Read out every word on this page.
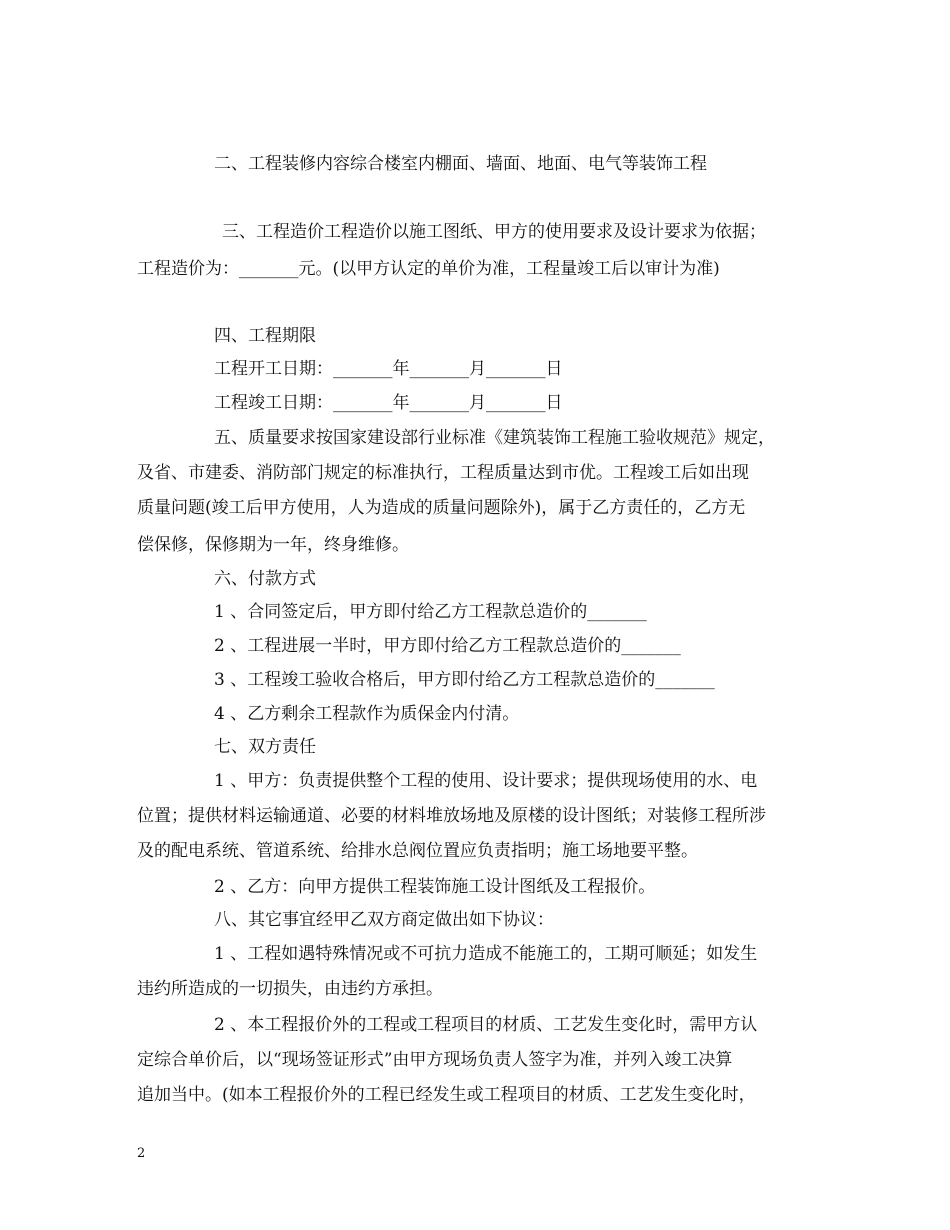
二、工程装修内容综合楼室内棚面、墙面、地面、电气等装饰工程
三、工程造价工程造价以施工图纸、甲方的使用要求及设计要求为依据；
工程造价为：_______元。(以甲方认定的单价为准，工程量竣工后以审计为准)
四、工程期限
工程开工日期：_______年_______月_______日
工程竣工日期：_______年_______月_______日
五、质量要求按国家建设部行业标准《建筑装饰工程施工验收规范》规定，
及省、市建委、消防部门规定的标准执行，工程质量达到市优。工程竣工后如出现
质量问题(竣工后甲方使用，人为造成的质量问题除外)，属于乙方责任的，乙方无
偿保修，保修期为一年，终身维修。
六、付款方式
1 、合同签定后，甲方即付给乙方工程款总造价的_______
2 、工程进展一半时，甲方即付给乙方工程款总造价的_______
3 、工程竣工验收合格后，甲方即付给乙方工程款总造价的_______
4 、乙方剩余工程款作为质保金内付清。
七、双方责任
1 、甲方：负责提供整个工程的使用、设计要求；提供现场使用的水、电
位置；提供材料运输通道、必要的材料堆放场地及原楼的设计图纸；对装修工程所涉
及的配电系统、管道系统、给排水总阀位置应负责指明；施工场地要平整。
2 、乙方：向甲方提供工程装饰施工设计图纸及工程报价。
八、其它事宜经甲乙双方商定做出如下协议：
1 、工程如遇特殊情况或不可抗力造成不能施工的，工期可顺延；如发生
违约所造成的一切损失，由违约方承担。
2 、本工程报价外的工程或工程项目的材质、工艺发生变化时，需甲方认
定综合单价后，以“现场签证形式”由甲方现场负责人签字为准，并列入竣工决算
追加当中。(如本工程报价外的工程已经发生或工程项目的材质、工艺发生变化时，
2
